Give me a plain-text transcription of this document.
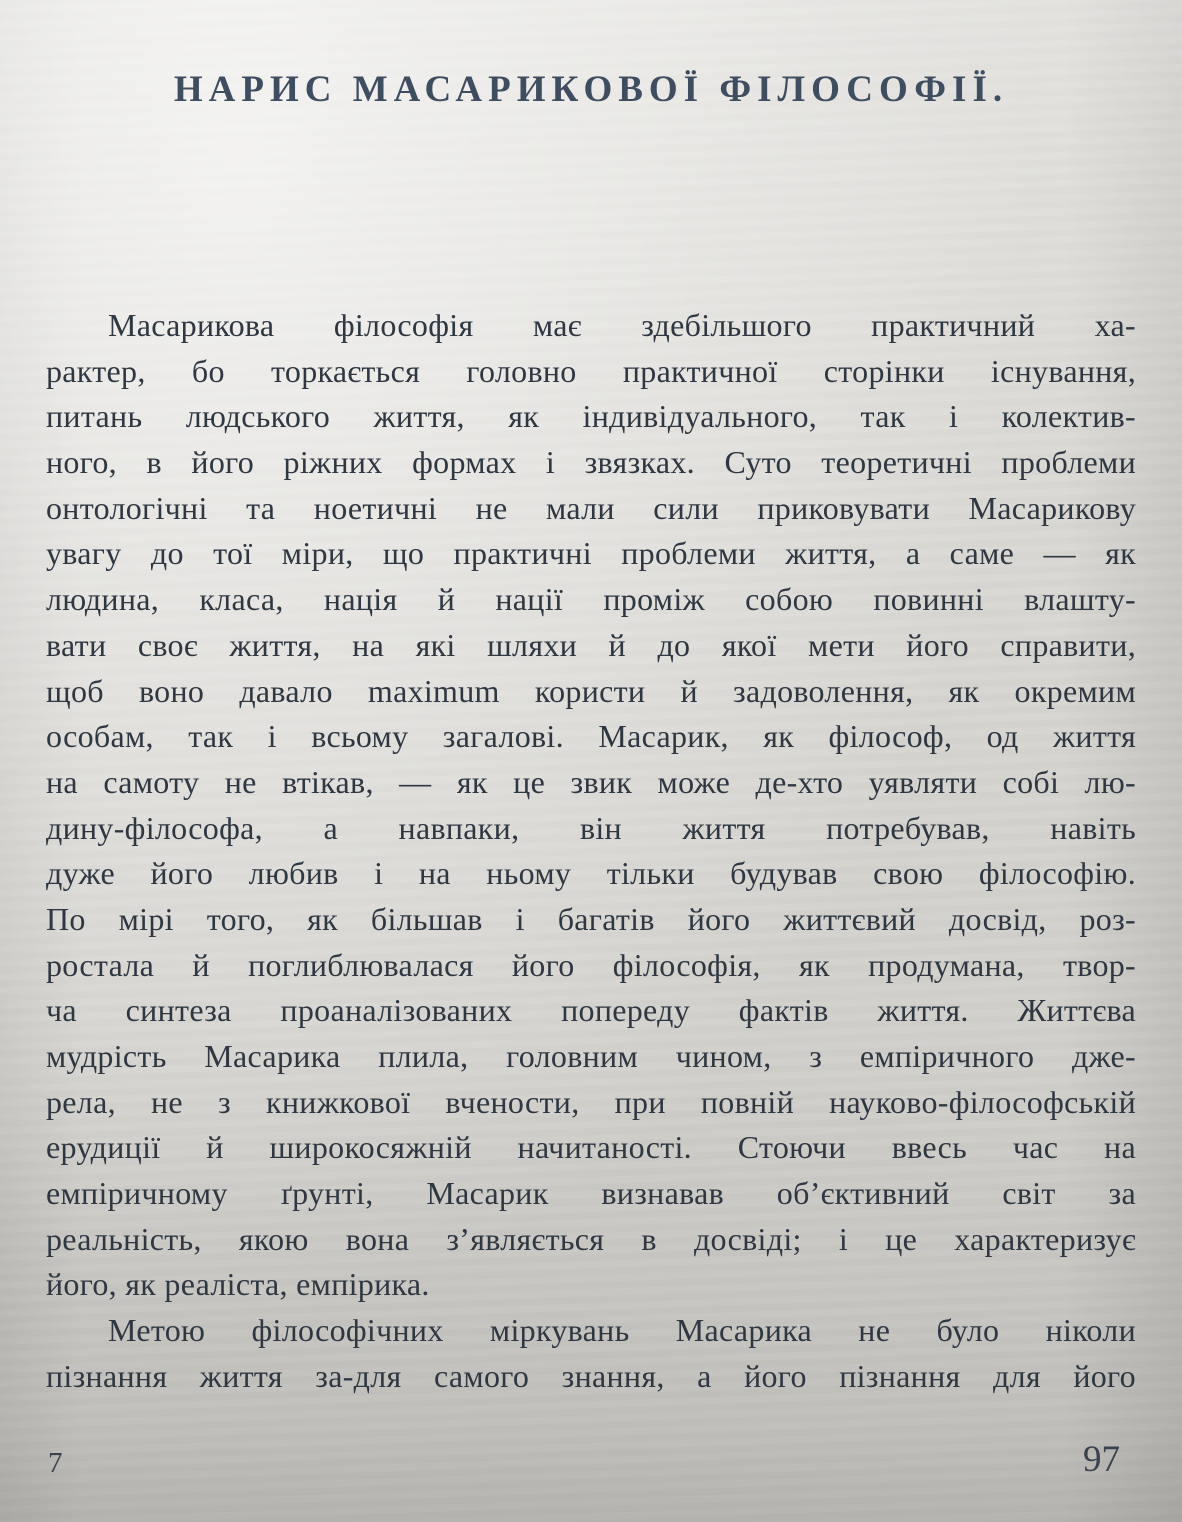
НАРИС МАСАРИКОВОЇ ФІЛОСОФІЇ.
Масарикова філософія має здебільшого практичний ха-
рактер, бо торкається головно практичної сторінки існування,
питань людського життя, як індивідуального, так і колектив-
ного, в його ріжних формах і звязках. Суто теоретичні проблеми
онтологічні та ноетичні не мали сили приковувати Масарикову
увагу до тої міри, що практичні проблеми життя, а саме — як
людина, класа, нація й нації проміж собою повинні влашту-
вати своє життя, на які шляхи й до якої мети його справити,
щоб воно давало maximum користи й задоволення, як окремим
особам, так і всьому загалові. Масарик, як філософ, од життя
на самоту не втікав, — як це звик може де-хто уявляти собі лю-
дину-філософа, а навпаки, він життя потребував, навіть
дуже його любив і на ньому тільки будував свою філософію.
По мірі того, як більшав і багатів його життєвий досвід, роз-
ростала й поглиблювалася його філософія, як продумана, твор-
ча синтеза проаналізованих попереду фактів життя. Життєва
мудрість Масарика плила, головним чином, з емпіричного дже-
рела, не з книжкової вчености, при повній науково-філософській
ерудиції й широкосяжній начитаності. Стоючи ввесь час на
емпіричному ґрунті, Масарик визнавав об’єктивний світ за
реальність, якою вона з’являється в досвіді; і це характеризує
його, як реаліста, емпірика.
Метою філософічних міркувань Масарика не було ніколи
пізнання життя за-для самого знання, а його пізнання для його
7	97
